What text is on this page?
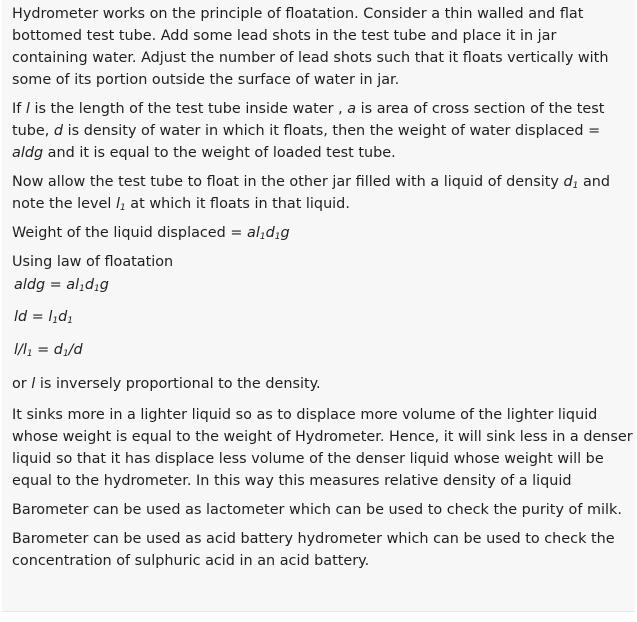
Hydrometer works on the principle of floatation. Consider a thin walled and flat bottomed test tube. Add some lead shots in the test tube and place it in jar containing water. Adjust the number of lead shots such that it floats vertically with some of its portion outside the surface of water in jar.

If l is the length of the test tube inside water , a is area of cross section of the test tube, d is density of water in which it floats, then the weight of water displaced = aldg and it is equal to the weight of loaded test tube.

Now allow the test tube to float in the other jar filled with a liquid of density $d_1$ and note the level $l_1$ at which it floats in that liquid.

Weight of the liquid displaced = $al_1d_1g$

Using law of floatation

aldg = $al_1d_1g$

ld = $l_1d_1$

$l/l_1 = d_1/d$

or l is inversely proportional to the density.

It sinks more in a lighter liquid so as to displace more volume of the lighter liquid whose weight is equal to the weight of Hydrometer. Hence, it will sink less in a denser liquid so that it has displace less volume of the denser liquid whose weight will be equal to the hydrometer. In this way this measures relative density of a liquid

Barometer can be used as lactometer which can be used to check the purity of milk.

Barometer can be used as acid battery hydrometer which can be used to check the concentration of sulphuric acid in an acid battery.
